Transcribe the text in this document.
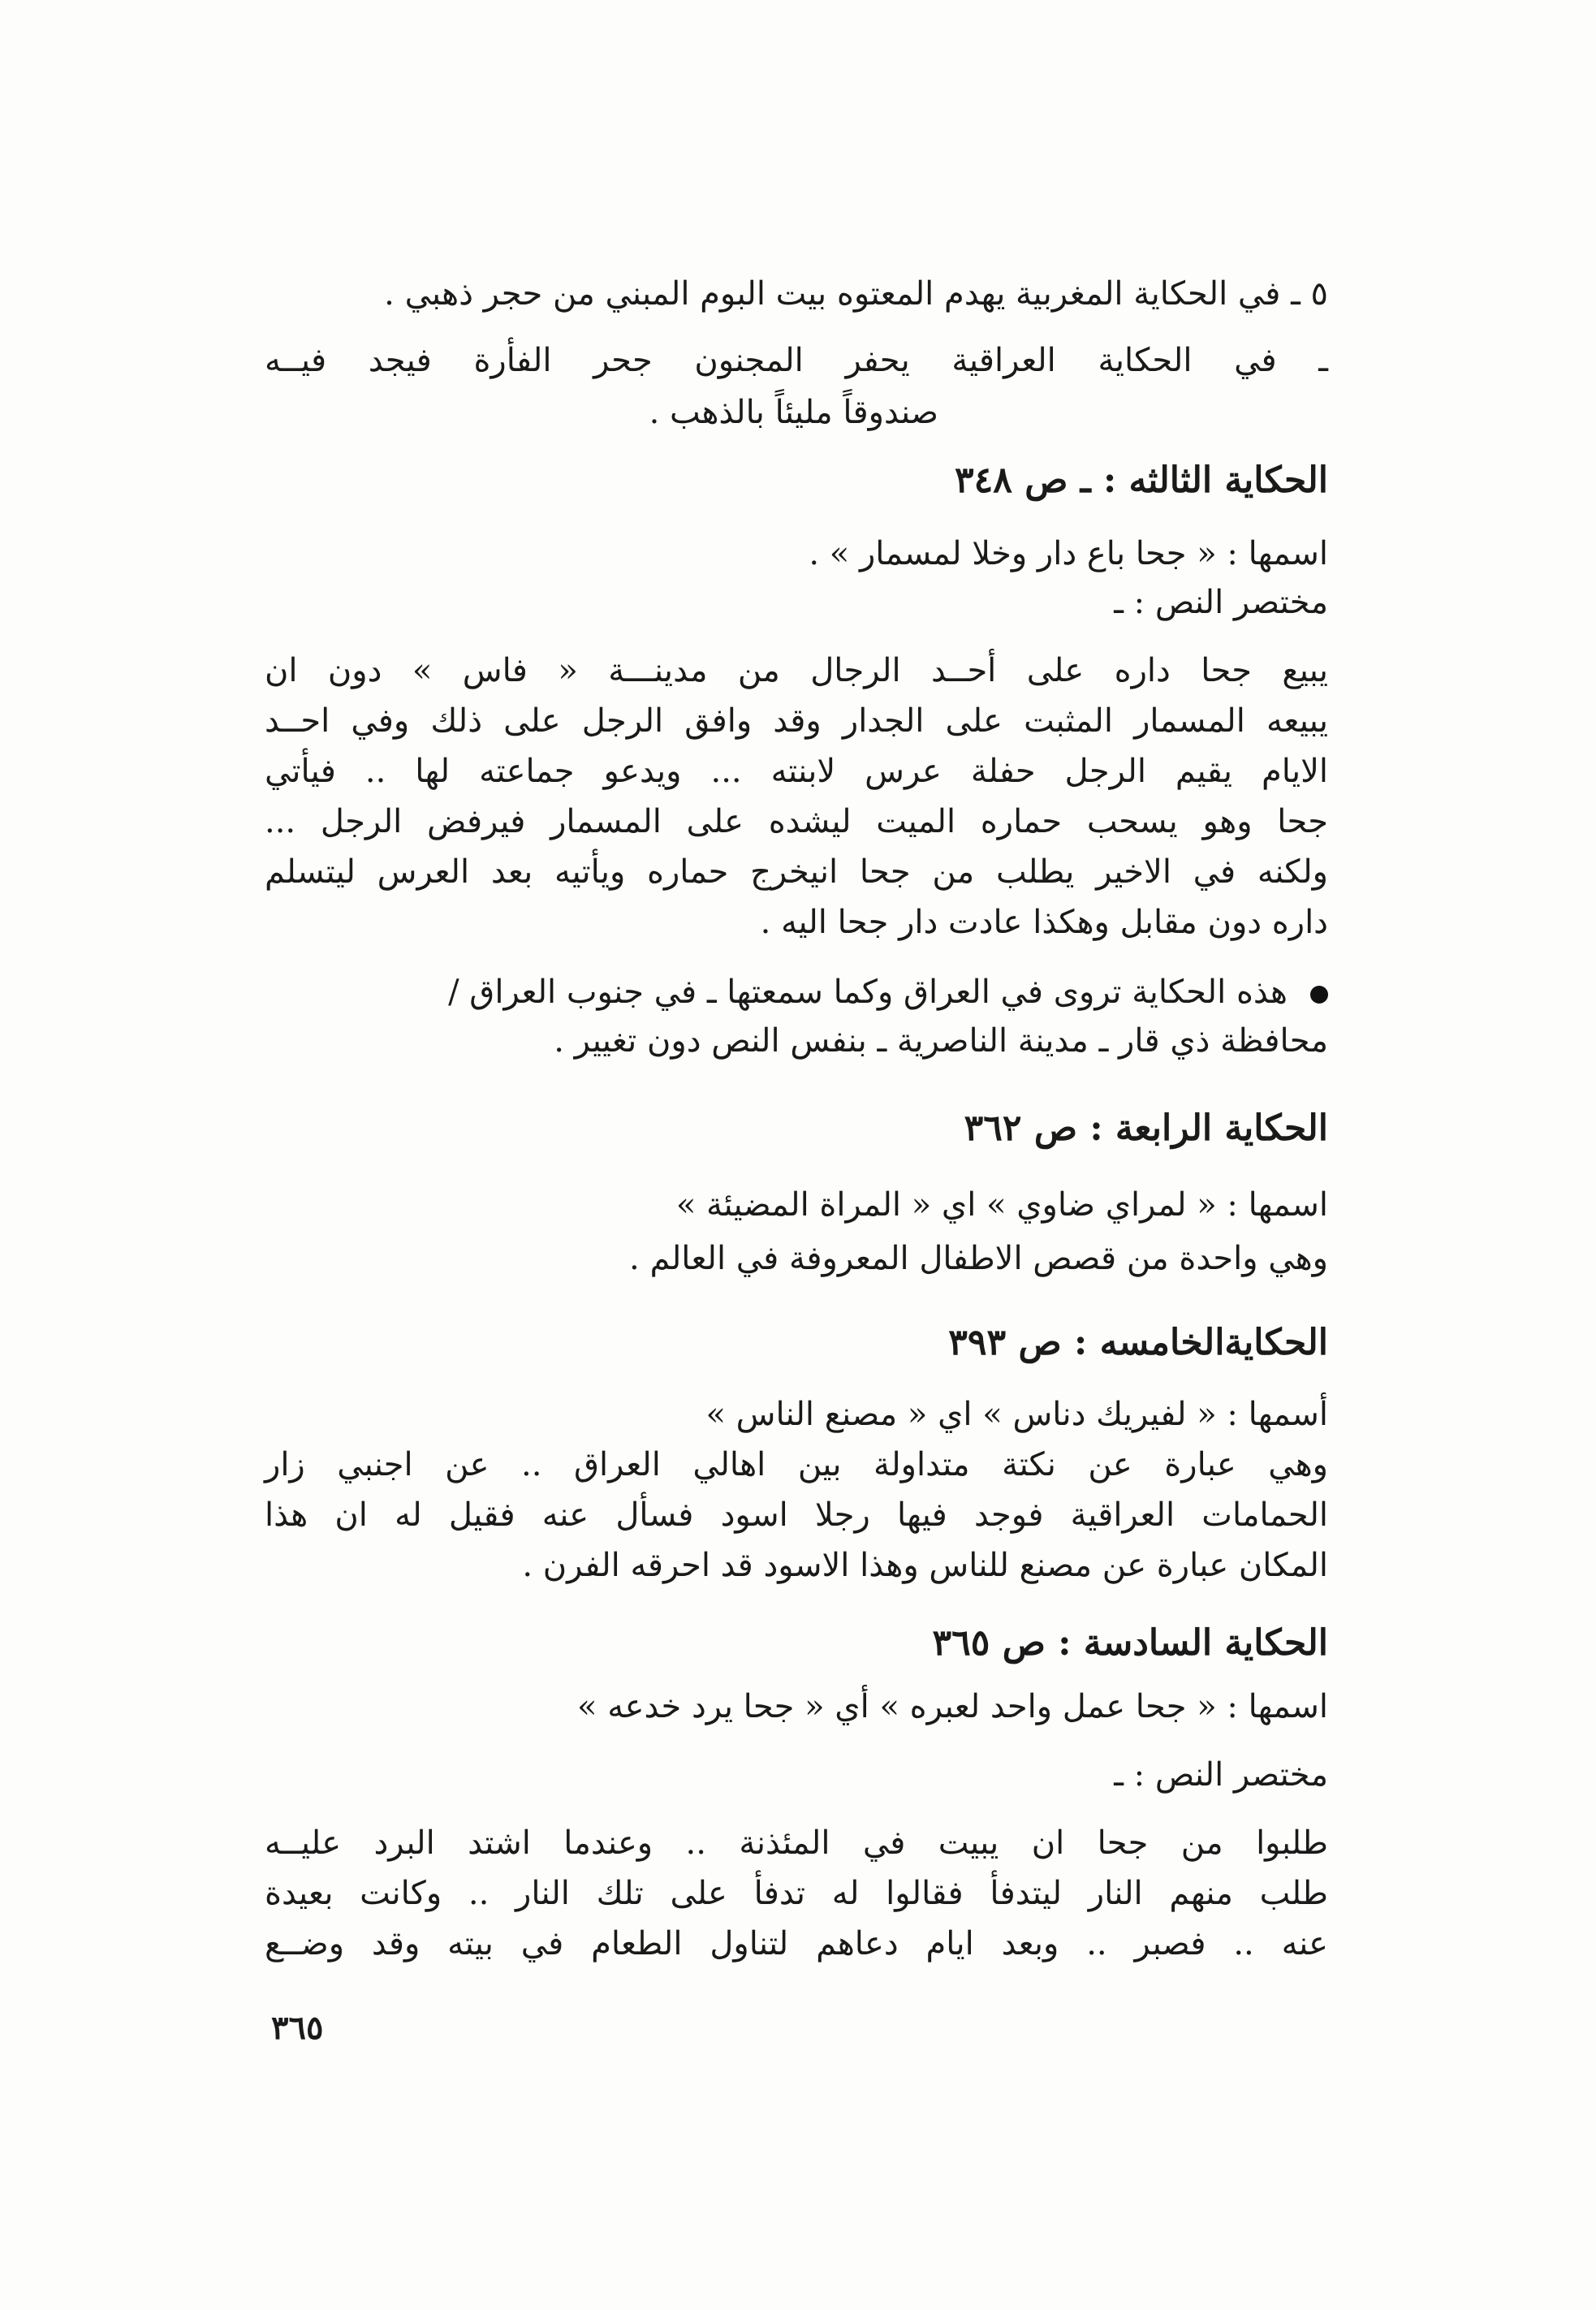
٥ ـ في الحكاية المغربية يهدم المعتوه بيت البوم المبني من حجر ذهبي .
ـ في الحكاية العراقية يحفر المجنون جحر الفأرة فيجد فيــه
صندوقاً مليئاً بالذهب .
الحكاية الثالثه : ـ ص ٣٤٨
اسمها : « جحا باع دار وخلا لمسمار » .
مختصر النص : ـ
يبيع جحا داره على أحــد الرجال من مدينـــة « فاس » دون ان
يبيعه المسمار المثبت على الجدار وقد وافق الرجل على ذلك وفي احــد
الايام يقيم الرجل حفلة عرس لابنته ... ويدعو جماعته لها .. فيأتي
جحا وهو يسحب حماره الميت ليشده على المسمار فيرفض الرجل ...
ولكنه في الاخير يطلب من جحا انيخرج حماره ويأتيه بعد العرس ليتسلم
داره دون مقابل وهكذا عادت دار جحا اليه .
هذه الحكاية تروى في العراق وكما سمعتها ـ في جنوب العراق /
محافظة ذي قار ـ مدينة الناصرية ـ بنفس النص دون تغيير .
الحكاية الرابعة : ص ٣٦٢
اسمها : « لمراي ضاوي » اي « المراة المضيئة »
وهي واحدة من قصص الاطفال المعروفة في العالم .
الحكايةالخامسه : ص ٣٩٣
أسمها : « لفيريك دناس » اي « مصنع الناس »
وهي عبارة عن نكتة متداولة بين اهالي العراق .. عن اجنبي زار
الحمامات العراقية فوجد فيها رجلا اسود فسأل عنه فقيل له ان هذا
المكان عبارة عن مصنع للناس وهذا الاسود قد احرقه الفرن .
الحكاية السادسة : ص ٣٦٥
اسمها : « جحا عمل واحد لعبره » أي « جحا يرد خدعه »
مختصر النص : ـ
طلبوا من جحا ان يبيت في المئذنة .. وعندما اشتد البرد عليــه
طلب منهم النار ليتدفأ فقالوا له تدفأ على تلك النار .. وكانت بعيدة
عنه .. فصبر .. وبعد ايام دعاهم لتناول الطعام في بيته وقد وضــع
٣٦٥
